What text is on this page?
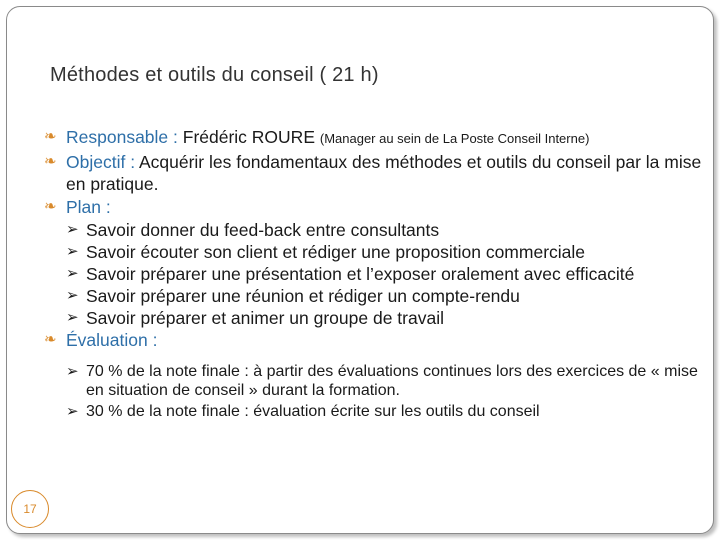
Méthodes et outils du conseil ( 21 h)
❧ Responsable : Frédéric ROURE (Manager au sein de La Poste Conseil Interne)
❧ Objectif : Acquérir les fondamentaux des méthodes et outils du conseil par la mise en pratique.
❧ Plan :
➢ Savoir donner du feed-back entre consultants
➢ Savoir écouter son client et rédiger une proposition commerciale
➢ Savoir préparer une présentation et l’exposer oralement avec efficacité
➢ Savoir préparer une réunion et rédiger un compte-rendu
➢ Savoir préparer et animer un groupe de travail
❧ Évaluation :
➢ 70 % de la note finale : à partir des évaluations continues lors des exercices de « mise en situation de conseil » durant la formation.
➢ 30 % de la note finale : évaluation écrite sur les outils du conseil
17
